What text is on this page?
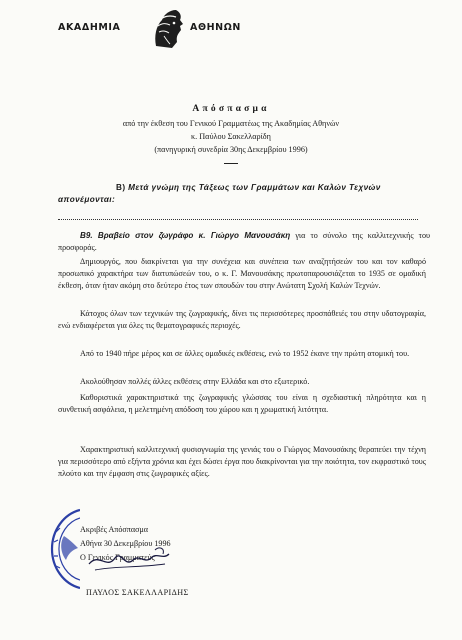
ΑΚΑΔΗΜΙΑ	ΑΘΗΝΩΝ
Απόσπασμα
από την έκθεση του Γενικού Γραμματέως της Ακαδημίας Αθηνών
κ. Παύλου Σακελλαρίδη
(πανηγυρική συνεδρία 30ης Δεκεμβρίου 1996)
Β) Μετά γνώμη της Τάξεως των Γραμμάτων και Καλών Τεχνών απονέμονται:
Β9. Βραβείο στον ζωγράφο κ. Γιώργο Μανουσάκη για το σύνολο της καλλιτεχνικής του προσφοράς.
Δημιουργός, που διακρίνεται για την συνέχεια και συνέπεια των αναζητήσεών του και τον καθαρό προσωπικό χαρακτήρα των διατυπώσεών του, ο κ. Γ. Μανουσάκης πρωτοπαρουσιάζεται το 1935 σε ομαδική έκθεση, όταν ήταν ακόμη στο δεύτερο έτος των σπουδών του στην Ανώτατη Σχολή Καλών Τεχνών.
Κάτοχος όλων των τεχνικών της ζωγραφικής, δίνει τις περισσότερες προσπάθειές του στην υδατογραφία, ενώ ενδιαφέρεται για όλες τις θεματογραφικές περιοχές.
Από το 1940 πήρε μέρος και σε άλλες ομαδικές εκθέσεις, ενώ το 1952 έκανε την πρώτη ατομική του.
Ακολούθησαν πολλές άλλες εκθέσεις στην Ελλάδα και στο εξωτερικό.
Καθοριστικά χαρακτηριστικά της ζωγραφικής γλώσσας του είναι η σχεδιαστική πληρότητα και η συνθετική ασφάλεια, η μελετημένη απόδοση του χώρου και η χρωματική λιτότητα.
Χαρακτηριστική καλλιτεχνική φυσιογνωμία της γενιάς του ο Γιώργος Μανουσάκης θεραπεύει την τέχνη για περισσότερο από εξήντα χρόνια και έχει δώσει έργα που διακρίνονται για την ποιότητα, τον εκφραστικό τους πλούτο και την έμφαση στις ζωγραφικές αξίες.
Ακριβές Απόσπασμα
Αθήνα 30 Δεκεμβρίου 1996
Ο Γενικός Γραμματεύς
ΠΑΥΛΟΣ ΣΑΚΕΛΛΑΡΙΔΗΣ
